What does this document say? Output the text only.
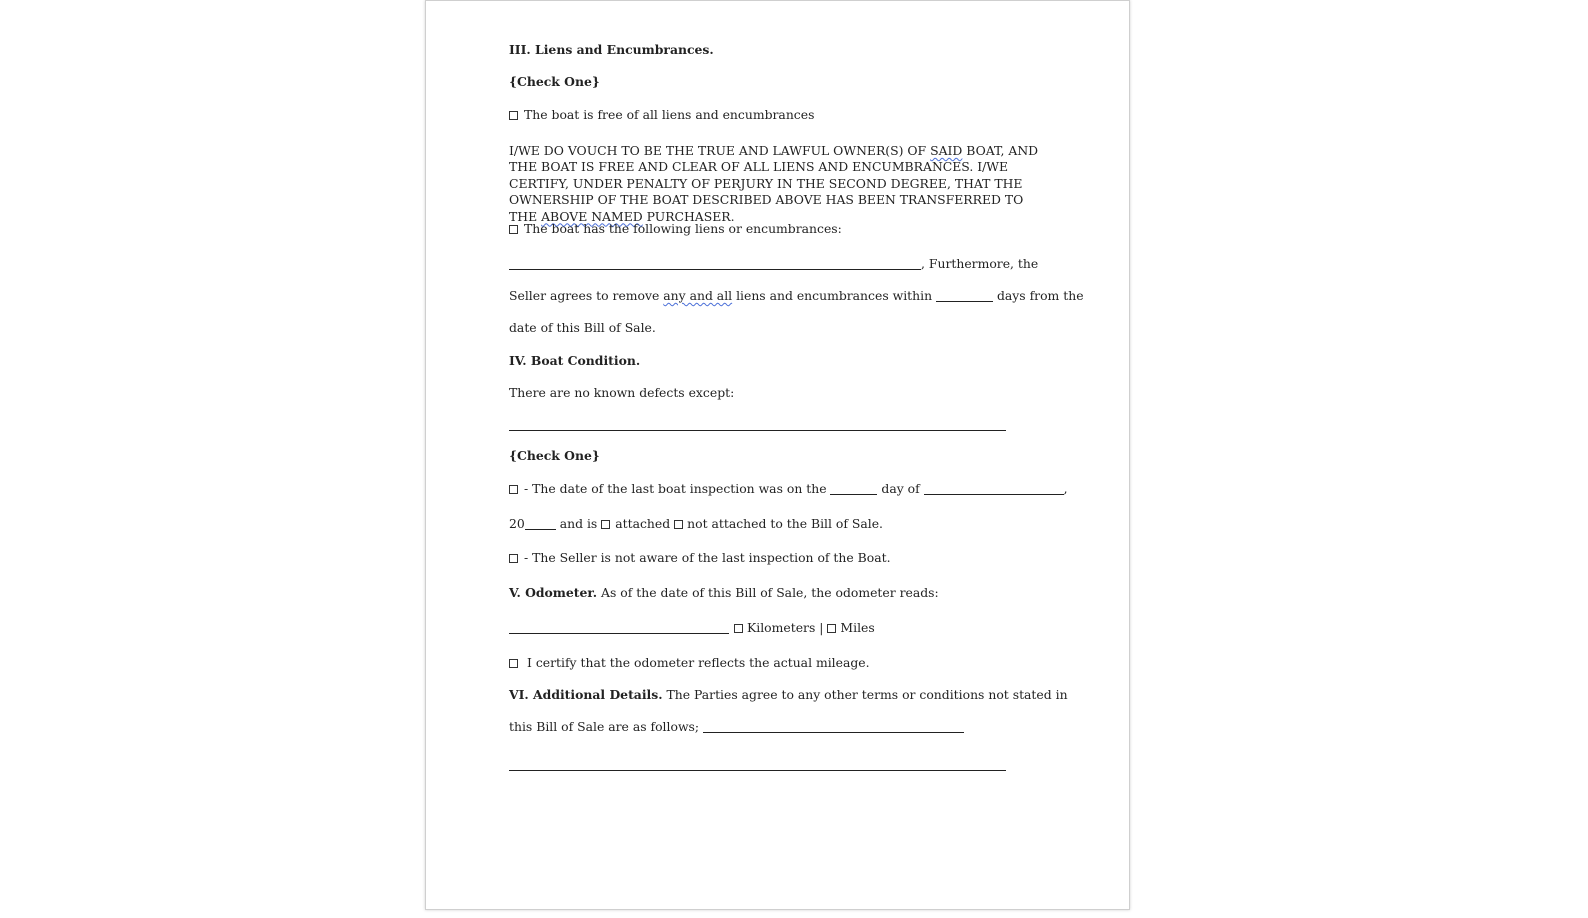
III. Liens and Encumbrances.
{Check One}
The boat is free of all liens and encumbrances
I/WE DO VOUCH TO BE THE TRUE AND LAWFUL OWNER(S) OF SAID BOAT, AND THE BOAT IS FREE AND CLEAR OF ALL LIENS AND ENCUMBRANCES. I/WE CERTIFY, UNDER PENALTY OF PERJURY IN THE SECOND DEGREE, THAT THE OWNERSHIP OF THE BOAT DESCRIBED ABOVE HAS BEEN TRANSFERRED TO THE ABOVE NAMED PURCHASER.
The boat has the following liens or encumbrances:
, Furthermore, the
Seller agrees to remove any and all liens and encumbrances within	days from the
date of this Bill of Sale.
IV. Boat Condition.
There are no known defects except:
{Check One}
- The date of the last boat inspection was on the	day of	,
20	and is attached not attached to the Bill of Sale.
- The Seller is not aware of the last inspection of the Boat.
V. Odometer. As of the date of this Bill of Sale, the odometer reads:
Kilometers | Miles
I certify that the odometer reflects the actual mileage.
VI. Additional Details. The Parties agree to any other terms or conditions not stated in
this Bill of Sale are as follows;
